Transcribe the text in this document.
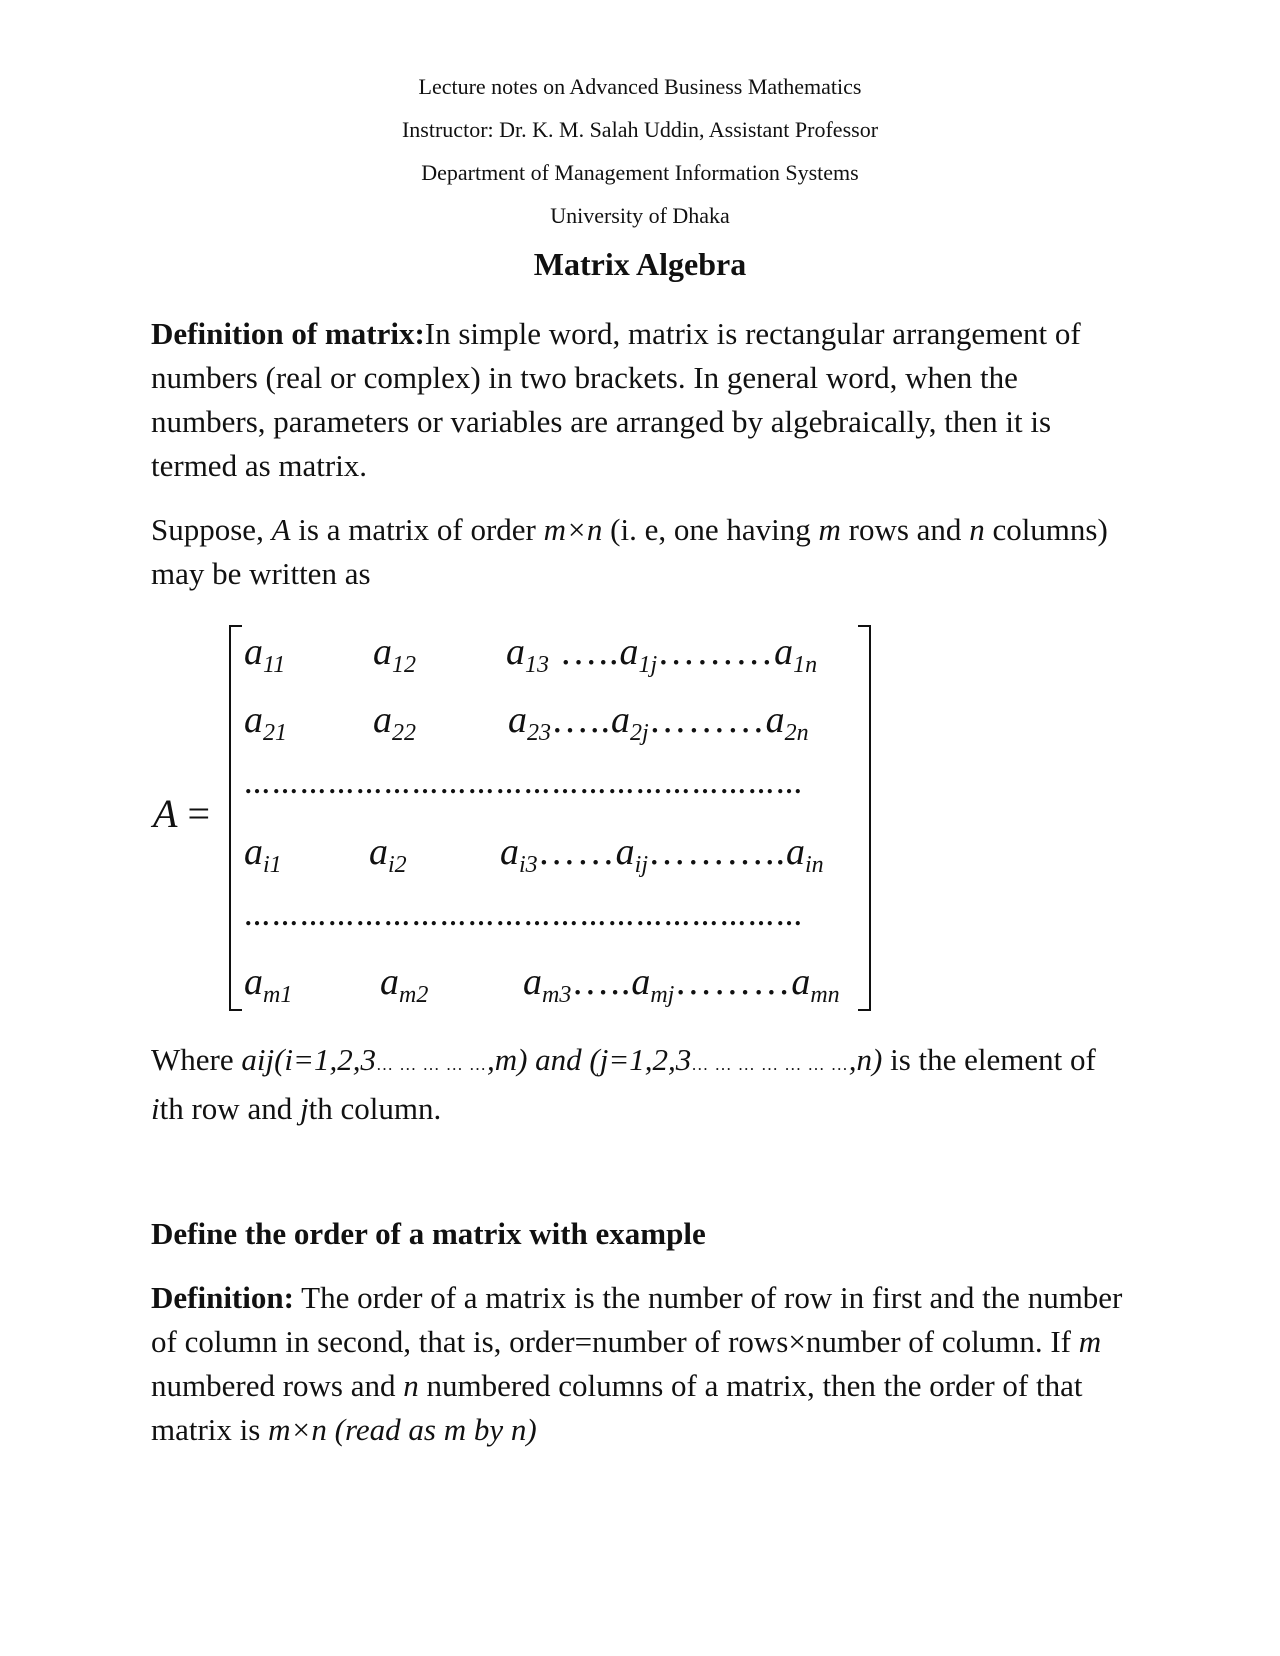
Lecture notes on Advanced Business Mathematics
Instructor: Dr. K. M. Salah Uddin, Assistant Professor
Department of Management Information Systems
University of Dhaka
Matrix Algebra

Definition of matrix:In simple word, matrix is rectangular arrangement of numbers (real or complex) in two brackets. In general word, when the numbers, parameters or variables are arranged by algebraically, then it is termed as matrix.

Suppose, A is a matrix of order m×n (i. e, one having m rows and n columns) may be written as

A =
$a_{11}$ $a_{12}$ $a_{13}$ $\dots..a_{1j}\dots\dots\dots a_{1n}$
$a_{21}$ $a_{22}$ $a_{23}\dots..a_{2j}\dots\dots\dots a_{2n}$
……………………………………………………
$a_{i1}$ $a_{i2}$ $a_{i3}\dots\dots a_{ij}\dots\dots\dots..a_{in}$
……………………………………………………
$a_{m1}$ $a_{m2}$ $a_{m3}\dots..a_{mj}\dots\dots\dots a_{mn}$

Where aij(i=1,2,3… … … … …,m) and (j=1,2,3… … … … … … …,n) is the element of ith row and jth column.

Define the order of a matrix with example

Definition: The order of a matrix is the number of row in first and the number of column in second, that is, order=number of rows×number of column. If m numbered rows and n numbered columns of a matrix, then the order of that matrix is m×n (read as m by n)
